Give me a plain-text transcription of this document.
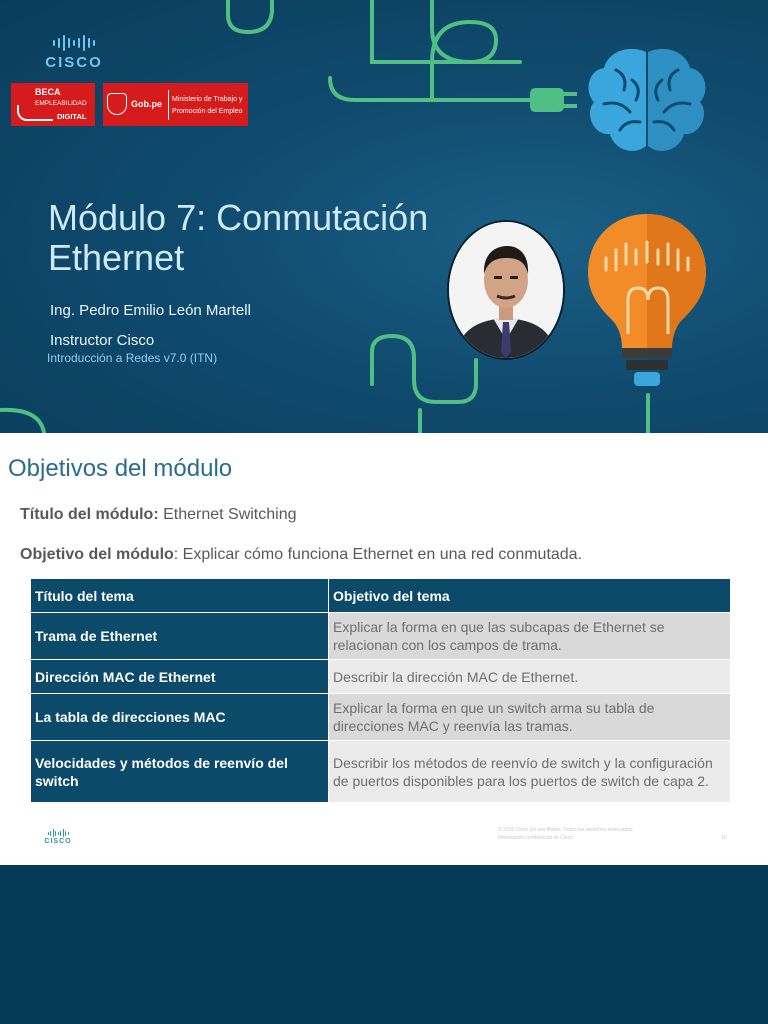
CISCO
BECA
EMPLEABILIDAD
DIGITAL
Gob.pe Ministerio de Trabajo y Promoción del Empleo
Módulo 7: Conmutación Ethernet
Ing. Pedro Emilio León Martell
Instructor Cisco
Introducción a Redes v7.0 (ITN)
Objetivos del módulo
Título del módulo: Ethernet Switching
Objetivo del módulo: Explicar cómo funciona Ethernet en una red conmutada.
Título del tema	Objetivo del tema
Trama de Ethernet	Explicar la forma en que las subcapas de Ethernet se relacionan con los campos de trama.
Dirección MAC de Ethernet	Describir la dirección MAC de Ethernet.
La tabla de direcciones MAC	Explicar la forma en que un switch arma su tabla de direcciones MAC y reenvía las tramas.
Velocidades y métodos de reenvío del switch	Describir los métodos de reenvío de switch y la configuración de puertos disponibles para los puertos de switch de capa 2.
CISCO
© 2016 Cisco y/o sus filiales. Todos los derechos reservados.
Información confidencial de Cisco	10
